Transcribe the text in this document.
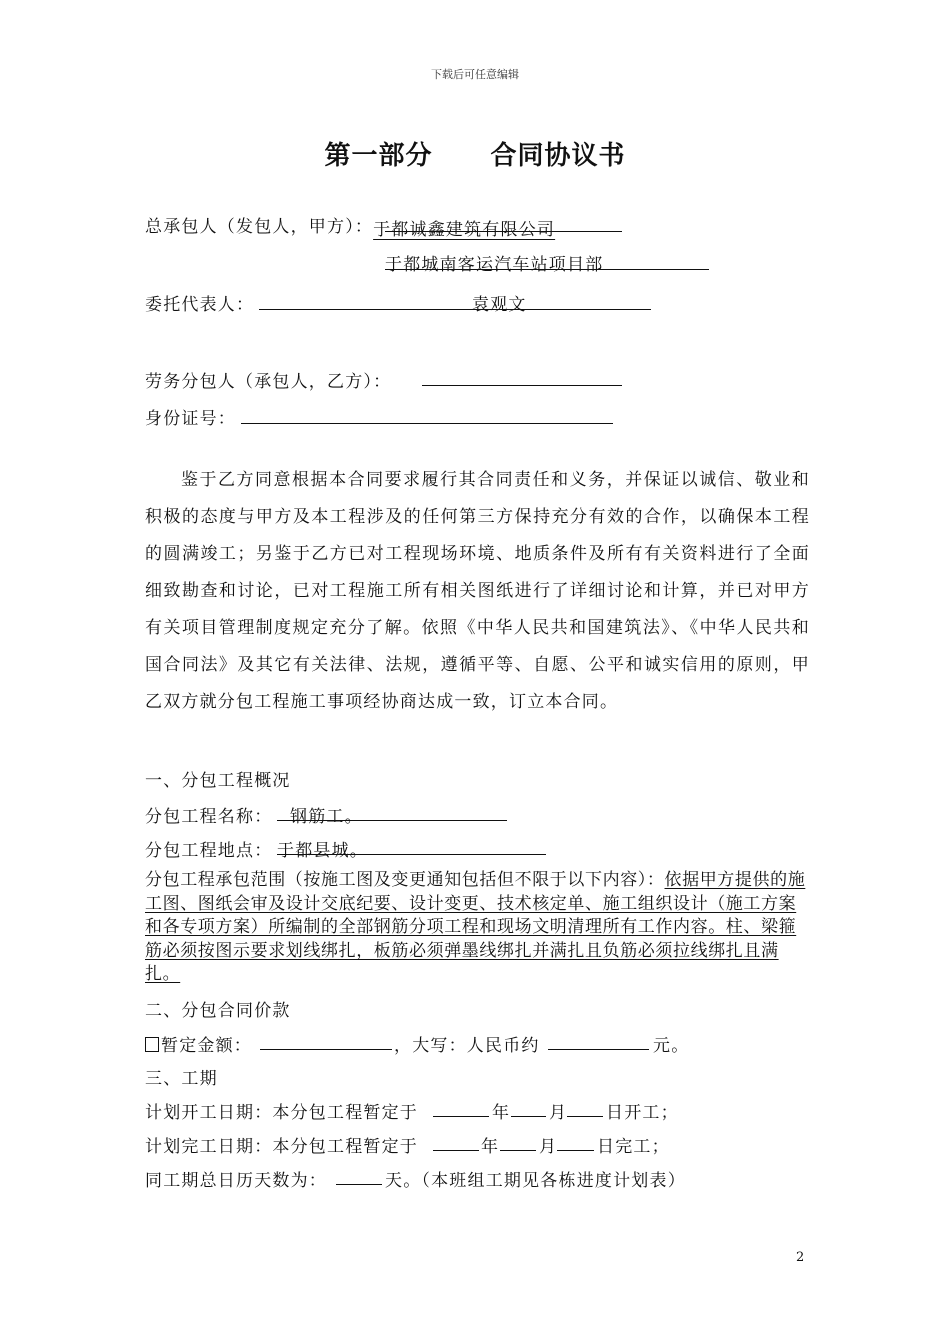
下载后可任意编辑
第一部分 合同协议书
总承包人（发包人，甲方）： 于都诚鑫建筑有限公司
于都城南客运汽车站项目部
委托代表人：	袁观文
劳务分包人（承包人，乙方）：
身份证号：

鉴于乙方同意根据本合同要求履行其合同责任和义务，并保证以诚信、敬业和积极的态度与甲方及本工程涉及的任何第三方保持充分有效的合作，以确保本工程的圆满竣工；另鉴于乙方已对工程现场环境、地质条件及所有有关资料进行了全面细致勘查和讨论，已对工程施工所有相关图纸进行了详细讨论和计算，并已对甲方有关项目管理制度规定充分了解。依照《中华人民共和国建筑法》、《中华人民共和国合同法》及其它有关法律、法规，遵循平等、自愿、公平和诚实信用的原则，甲乙双方就分包工程施工事项经协商达成一致，订立本合同。

一、分包工程概况
分包工程名称： 钢筋工。
分包工程地点： 于都县城。
分包工程承包范围（按施工图及变更通知包括但不限于以下内容）：依据甲方提供的施工图、图纸会审及设计交底纪要、设计变更、技术核定单、施工组织设计（施工方案和各专项方案）所编制的全部钢筋分项工程和现场文明清理所有工作内容。柱、梁箍筋必须按图示要求划线绑扎，板筋必须弹墨线绑扎并满扎且负筋必须拉线绑扎且满扎。
二、分包合同价款
暂定金额：	，大写：人民币约	元。
三、工期
计划开工日期：本分包工程暂定于	年 月 日开工；
计划完工日期：本分包工程暂定于	年 月 日完工；
同工期总日历天数为：	天。（本班组工期见各栋进度计划表）
2
